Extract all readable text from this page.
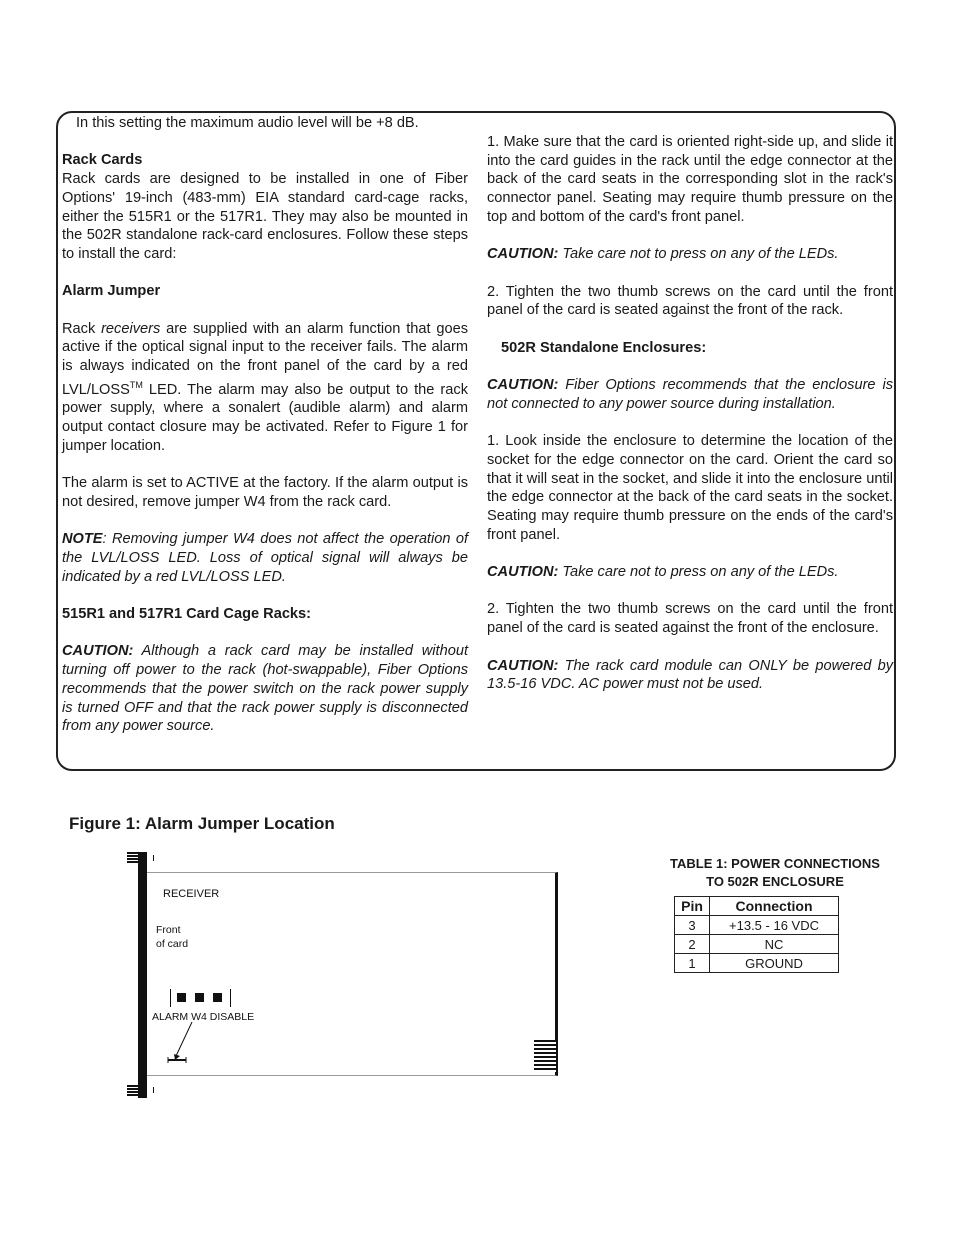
In this setting the maximum audio level will be +8 dB.

Rack Cards

Rack cards are designed to be installed in one of Fiber Options' 19-inch (483-mm) EIA standard card-cage racks, either the 515R1 or the 517R1. They may also be mounted in the 502R standalone rack-card enclosures. Follow these steps to install the card:

Alarm Jumper

Rack receivers are supplied with an alarm function that goes active if the optical signal input to the receiver fails. The alarm is always indicated on the front panel of the card by a red LVL/LOSS™ LED. The alarm may also be output to the rack power supply, where a sonalert (audible alarm) and alarm output contact closure may be activated. Refer to Figure 1 for jumper location.

The alarm is set to ACTIVE at the factory. If the alarm output is not desired, remove jumper W4 from the rack card.

NOTE: Removing jumper W4 does not affect the operation of the LVL/LOSS LED. Loss of optical signal will always be indicated by a red LVL/LOSS LED.

515R1 and 517R1 Card Cage Racks:

CAUTION: Although a rack card may be installed without turning off power to the rack (hot-swappable), Fiber Options recommends that the power switch on the rack power supply is turned OFF and that the rack power supply is disconnected from any power source.

1. Make sure that the card is oriented right-side up, and slide it into the card guides in the rack until the edge connector at the back of the card seats in the corresponding slot in the rack's connector panel. Seating may require thumb pressure on the top and bottom of the card's front panel.

CAUTION: Take care not to press on any of the LEDs.

2. Tighten the two thumb screws on the card until the front panel of the card is seated against the front of the rack.

502R Standalone Enclosures:

CAUTION: Fiber Options recommends that the enclosure is not connected to any power source during installation.

1. Look inside the enclosure to determine the location of the socket for the edge connector on the card. Orient the card so that it will seat in the socket, and slide it into the enclosure until the edge connector at the back of the card seats in the socket. Seating may require thumb pressure on the ends of the card's front panel.

CAUTION: Take care not to press on any of the LEDs.

2. Tighten the two thumb screws on the card until the front panel of the card is seated against the front of the enclosure.

CAUTION: The rack card module can ONLY be powered by 13.5-16 VDC. AC power must not be used.

Figure 1: Alarm Jumper Location
RECEIVER
Front
of card
ALARM W4 DISABLE
TABLE 1: POWER CONNECTIONS
TO 502R ENCLOSURE
Pin	Connection
3	+13.5 - 16 VDC
2	NC
1	GROUND
